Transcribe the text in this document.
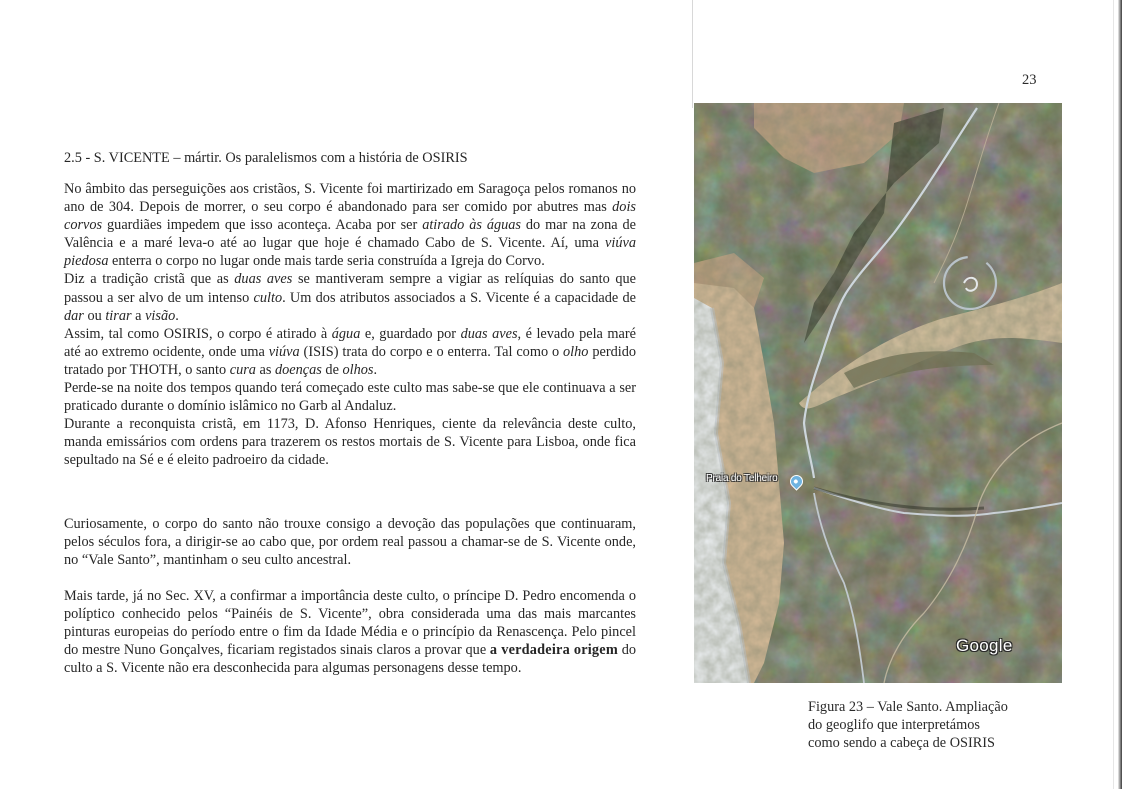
2.5 - S. VICENTE – mártir. Os paralelismos com a história de OSIRIS

No âmbito das perseguições aos cristãos, S. Vicente foi martirizado em Saragoça pelos romanos no ano de 304. Depois de morrer, o seu corpo é abandonado para ser comido por abutres mas dois corvos guardiães impedem que isso aconteça. Acaba por ser atirado às águas do mar na zona de Valência e a maré leva-o até ao lugar que hoje é chamado Cabo de S. Vicente. Aí, uma viúva piedosa enterra o corpo no lugar onde mais tarde seria construída a Igreja do Corvo.

Diz a tradição cristã que as duas aves se mantiveram sempre a vigiar as relíquias do santo que passou a ser alvo de um intenso culto. Um dos atributos associados a S. Vicente é a capacidade de dar ou tirar a visão.

Assim, tal como OSIRIS, o corpo é atirado à água e, guardado por duas aves, é levado pela maré até ao extremo ocidente, onde uma viúva (ISIS) trata do corpo e o enterra. Tal como o olho perdido tratado por THOTH, o santo cura as doenças de olhos.

Perde-se na noite dos tempos quando terá começado este culto mas sabe-se que ele continuava a ser praticado durante o domínio islâmico no Garb al Andaluz.

Durante a reconquista cristã, em 1173, D. Afonso Henriques, ciente da relevância deste culto, manda emissários com ordens para trazerem os restos mortais de S. Vicente para Lisboa, onde fica sepultado na Sé e é eleito padroeiro da cidade.

Curiosamente, o corpo do santo não trouxe consigo a devoção das populações que continuaram, pelos séculos fora, a dirigir-se ao cabo que, por ordem real passou a chamar-se de S. Vicente onde, no “Vale Santo”, mantinham o seu culto ancestral.

Mais tarde, já no Sec. XV, a confirmar a importância deste culto, o príncipe D. Pedro encomenda o políptico conhecido pelos “Painéis de S. Vicente”, obra considerada uma das mais marcantes pinturas europeias do período entre o fim da Idade Média e o princípio da Renascença. Pelo pincel do mestre Nuno Gonçalves, ficariam registados sinais claros a provar que a verdadeira origem do culto a S. Vicente não era desconhecida para algumas personagens desse tempo.

23
Praia do Telheiro
Google
Figura 23 – Vale Santo. Ampliação
do geoglifo que interpretámos
como sendo a cabeça de OSIRIS
